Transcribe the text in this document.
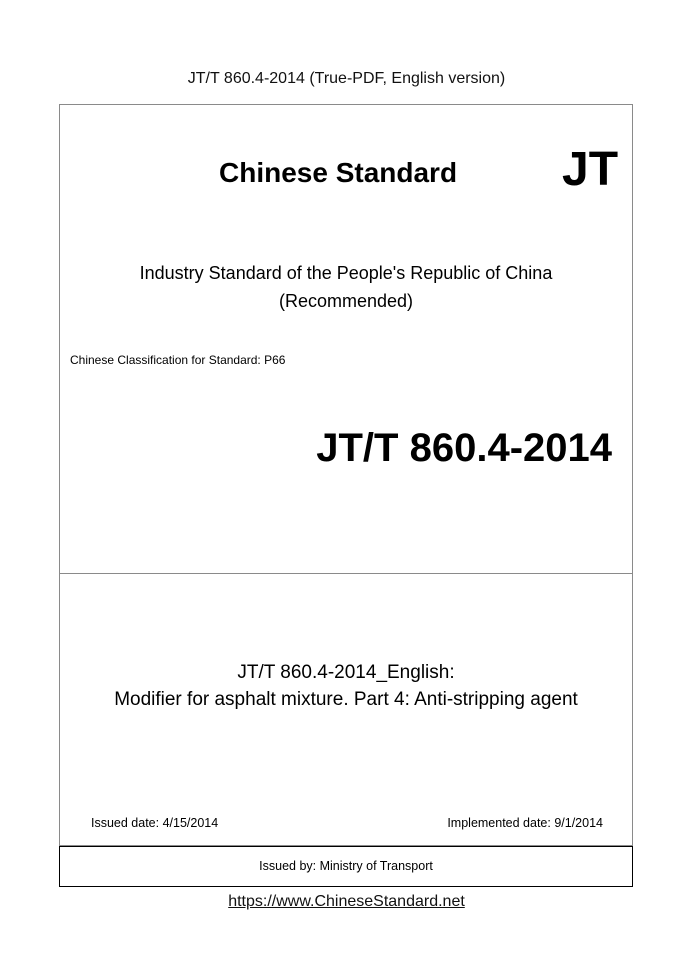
JT/T 860.4-2014 (True-PDF, English version)
Chinese Standard JT
Industry Standard of the People's Republic of China
(Recommended)
Chinese Classification for Standard: P66
JT/T 860.4-2014
JT/T 860.4-2014_English:
Modifier for asphalt mixture. Part 4: Anti-stripping agent
Issued date: 4/15/2014	Implemented date: 9/1/2014
Issued by: Ministry of Transport
https://www.ChineseStandard.net
